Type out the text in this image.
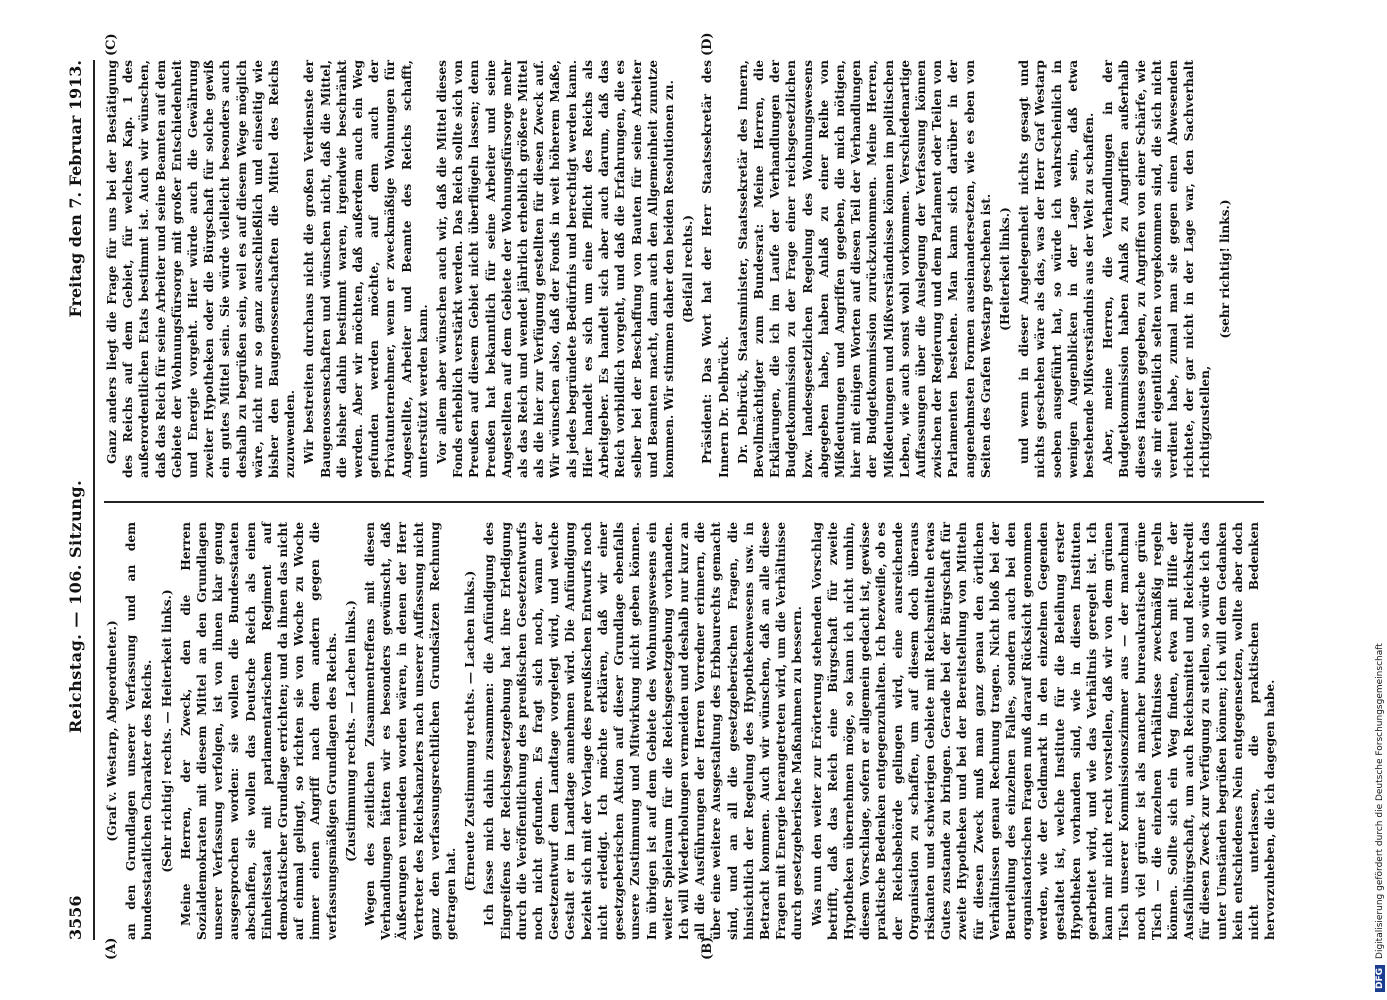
3556
Reichstag. — 106. Sitzung.
Freitag den 7. Februar 1913.
(A)	(B)
(C)	(D)

(Graf v. Westarp, Abgeordneter.) an den Grundlagen unserer Verfassung und an dem bundesstaatlichen Charakter des Reichs. (Sehr richtig! rechts. — Heiterkeit links.) Meine Herren, der Zweck, den die Herren Sozialdemokraten mit diesem Mittel an den Grundlagen unserer Verfassung verfolgen, ist von ihnen klar genug ausgesprochen worden: sie wollen die Bundesstaaten abschaffen, sie wollen das Deutsche Reich als einen Einheitsstaat mit parlamentarischem Regiment auf demokratischer Grundlage errichten; und da ihnen das nicht auf einmal gelingt, so richten sie von Woche zu Woche immer einen Angriff nach dem andern gegen die verfassungsmäßigen Grundlagen des Reichs. (Zustimmung rechts. — Lachen links.) Wegen des zeitlichen Zusammentreffens mit diesen Verhandlungen hätten wir es besonders gewünscht, daß Äußerungen vermieden worden wären, in denen der Herr Vertreter des Reichskanzlers nach unserer Auffassung nicht ganz den verfassungsrechtlichen Grundsätzen Rechnung getragen hat.

(Erneute Zustimmung rechts. — Lachen links.) Ich fasse mich dahin zusammen: die Anfündigung des Eingreifens der Reichsgesetzgebung hat ihre Erledigung durch die Veröffentlichung des preußischen Gesetzentwurfs noch nicht gefunden. Es fragt sich noch, wann der Gesetzentwurf dem Landtage vorgelegt wird, und welche Gestalt er im Landtage annehmen wird. Die Anfündigung bezieht sich mit der Vorlage des preußischen Entwurfs noch nicht erledigt. Ich möchte erklären, daß wir einer gesetzgeberischen Aktion auf dieser Grundlage ebenfalls unsere Zustimmung und Mitwirkung nicht geben können. Im übrigen ist auf dem Gebiete des Wohnungswesens ein weiter Spielraum für die Reichsgesetzgebung vorhanden. Ich will Wiederholungen vermeiden und deshalb nur kurz an all die Ausführungen der Herren Vorredner erinnern, die über eine weitere Ausgestaltung des Erbbaurechts gemacht sind, und an all die gesetzgeberischen Fragen, die hinsichtlich der Regelung des Hypothekenwesens usw. in Betracht kommen. Auch wir wünschen, daß an alle diese Fragen mit Energie herangetreten wird, um die Verhältnisse durch gesetzgeberische Maßnahmen zu bessern. Was nun den weiter zur Erörterung stehenden Vorschlag betrifft, daß das Reich eine Bürgschaft für zweite Hypotheken übernehmen möge, so kann ich nicht umhin, diesem Vorschlage, sofern er allgemein gedacht ist, gewisse praktische Bedenken entgegenzuhalten. Ich bezweifle, ob es der Reichsbehörde gelingen wird, eine ausreichende Organisation zu schaffen, um auf diesem doch überaus riskanten und schwierigen Gebiete mit Reichsmitteln etwas Gutes zustande zu bringen. Gerade bei der Bürgschaft für zweite Hypotheken und bei der Bereitstellung von Mitteln für diesen Zweck muß man ganz genau den örtlichen Verhältnissen genau Rechnung tragen. Nicht bloß bei der Beurteilung des einzelnen Falles, sondern auch bei den organisatorischen Fragen muß darauf Rücksicht genommen werden, wie der Geldmarkt in den einzelnen Gegenden gestaltet ist, welche Institute für die Beleihung erster Hypotheken vorhanden sind, wie in diesen Instituten gearbeitet wird, und wie das Verhältnis geregelt ist. Ich kann mir nicht recht vorstellen, daß wir von dem grünen Tisch unserer Kommissionszimmer aus — der manchmal noch viel grüner ist als mancher bureaukratische grüne Tisch — die einzelnen Verhältnisse zweckmäßig regeln können. Sollte sich ein Weg finden, etwa mit Hilfe der Ausfallbürgschaft, um auch Reichsmittel und Reichskredit für diesen Zweck zur Verfügung zu stellen, so würde ich das unter Umständen begrüßen können; ich will dem Gedanken kein entschiedenes Nein entgegensetzen, wollte aber doch nicht unterlassen, die praktischen Bedenken hervorzuheben, die ich dagegen habe.

Ganz anders liegt die Frage für uns bei der Bestätigung des Reichs auf dem Gebiet, für welches Kap. 1 des außerordentlichen Etats bestimmt ist. Auch wir wünschen, daß das Reich für seine Arbeiter und seine Beamten auf dem Gebiete der Wohnungsfürsorge mit großer Entschiedenheit und Energie vorgeht. Hier würde auch die Gewährung zweiter Hypotheken oder die Bürgschaft für solche gewiß ein gutes Mittel sein. Sie würde vielleicht besonders auch deshalb zu begrüßen sein, weil es auf diesem Wege möglich wäre, nicht nur so ganz ausschließlich und einseitig wie bisher den Baugenossenschaften die Mittel des Reichs zuzuwenden. Wir bestreiten durchaus nicht die großen Verdienste der Baugenossenschaften und wünschen nicht, daß die Mittel, die bisher dahin bestimmt waren, irgendwie beschränkt werden. Aber wir möchten, daß außerdem auch ein Weg gefunden werden möchte, auf dem auch der Privatunternehmer, wenn er zweckmäßige Wohnungen für Angestellte, Arbeiter und Beamte des Reichs schafft, unterstützt werden kann. Vor allem aber wünschen auch wir, daß die Mittel dieses Fonds erheblich verstärkt werden. Das Reich sollte sich von Preußen auf diesem Gebiet nicht überflügeln lassen; denn Preußen hat bekanntlich für seine Arbeiter und seine Angestellten auf dem Gebiete der Wohnungsfürsorge mehr als das Reich und wendet jährlich erheblich größere Mittel als die hier zur Verfügung gestellten für diesen Zweck auf. Wir wünschen also, daß der Fonds in weit höherem Maße, als jedes begründete Bedürfnis und berechtigt werden kann. Hier handelt es sich um eine Pflicht des Reichs als Arbeitgeber. Es handelt sich aber auch darum, daß das Reich vorbildlich vorgeht, und daß die Erfahrungen, die es selber bei der Beschaffung von Bauten für seine Arbeiter und Beamten macht, dann auch den Allgemeinheit zunutze kommen. Wir stimmen daher den beiden Resolutionen zu. (Beifall rechts.) Präsident: Das Wort hat der Herr Staatssekretär des Innern Dr. Delbrück. Dr. Delbrück, Staatsminister, Staatssekretär des Innern, Bevollmächtigter zum Bundesrat: Meine Herren, die Erklärungen, die ich im Laufe der Verhandlungen der Budgetkommission zu der Frage einer reichsgesetzlichen bzw. landesgesetzlichen Regelung des Wohnungswesens abgegeben habe, haben Anlaß zu einer Reihe von Mißdeutungen und Angriffen gegeben, die mich nötigen, hier mit einigen Worten auf diesen Teil der Verhandlungen der Budgetkommission zurückzukommen. Meine Herren, Mißdeutungen und Mißverständnisse können im politischen Leben, wie auch sonst wohl vorkommen. Verschiedenartige Auffassungen über die Auslegung der Verfassung können zwischen der Regierung und dem Parlament oder Teilen von Parlamenten bestehen. Man kann sich darüber in der angenehmsten Formen auseinandersetzen, wie es eben von Seiten des Grafen Westarp geschehen ist. (Heiterkeit links.) und wenn in dieser Angelegenheit nichts gesagt und nichts geschehen wäre als das, was der Herr Graf Westarp soeben ausgeführt hat, so würde ich wahrscheinlich in wenigen Augenblicken in der Lage sein, daß etwa bestehende Mißverständnis aus der Welt zu schaffen. Aber, meine Herren, die Verhandlungen in der Budgetkommission haben Anlaß zu Angriffen außerhalb dieses Hauses gegeben, zu Angriffen von einer Schärfe, wie sie mir eigentlich selten vorgekommen sind, die sich nicht verdient habe, zumal man sie gegen einen Abwesenden richtete, der gar nicht in der Lage war, den Sachverhalt richtigzustellen,

(sehr richtig! links.)

DFGDigitalisierung gefördert durch die Deutsche Forschungsgemeinschaft
